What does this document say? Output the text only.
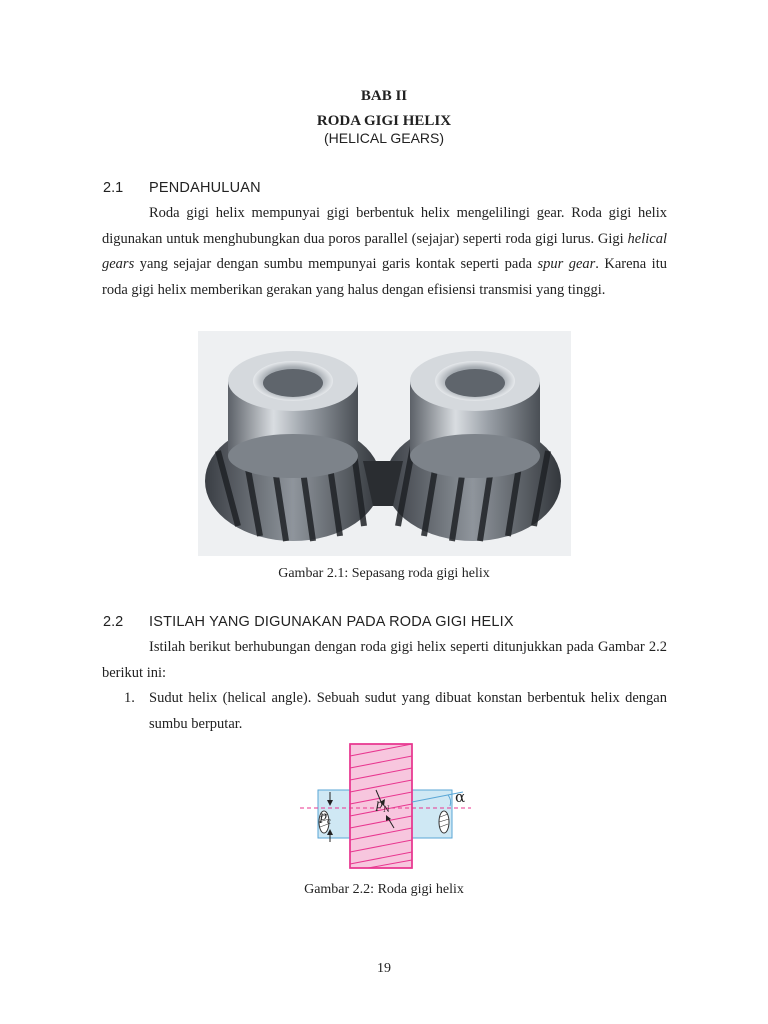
BAB II
RODA GIGI HELIX
(HELICAL GEARS)
2.1 PENDAHULUAN
Roda gigi helix mempunyai gigi berbentuk helix mengelilingi gear. Roda gigi helix digunakan untuk menghubungkan dua poros parallel (sejajar) seperti roda gigi lurus. Gigi helical gears yang sejajar dengan sumbu mempunyai garis kontak seperti pada spur gear. Karena itu roda gigi helix memberikan gerakan yang halus dengan efisiensi transmisi yang tinggi.
Gambar 2.1: Sepasang roda gigi helix
2.2 ISTILAH YANG DIGUNAKAN PADA RODA GIGI HELIX
Istilah berikut berhubungan dengan roda gigi helix seperti ditunjukkan pada Gambar 2.2 berikut ini:
1. Sudut helix (helical angle). Sebuah sudut yang dibuat konstan berbentuk helix dengan sumbu berputar.
$p_c$
$p_N$
α
Gambar 2.2: Roda gigi helix
19
